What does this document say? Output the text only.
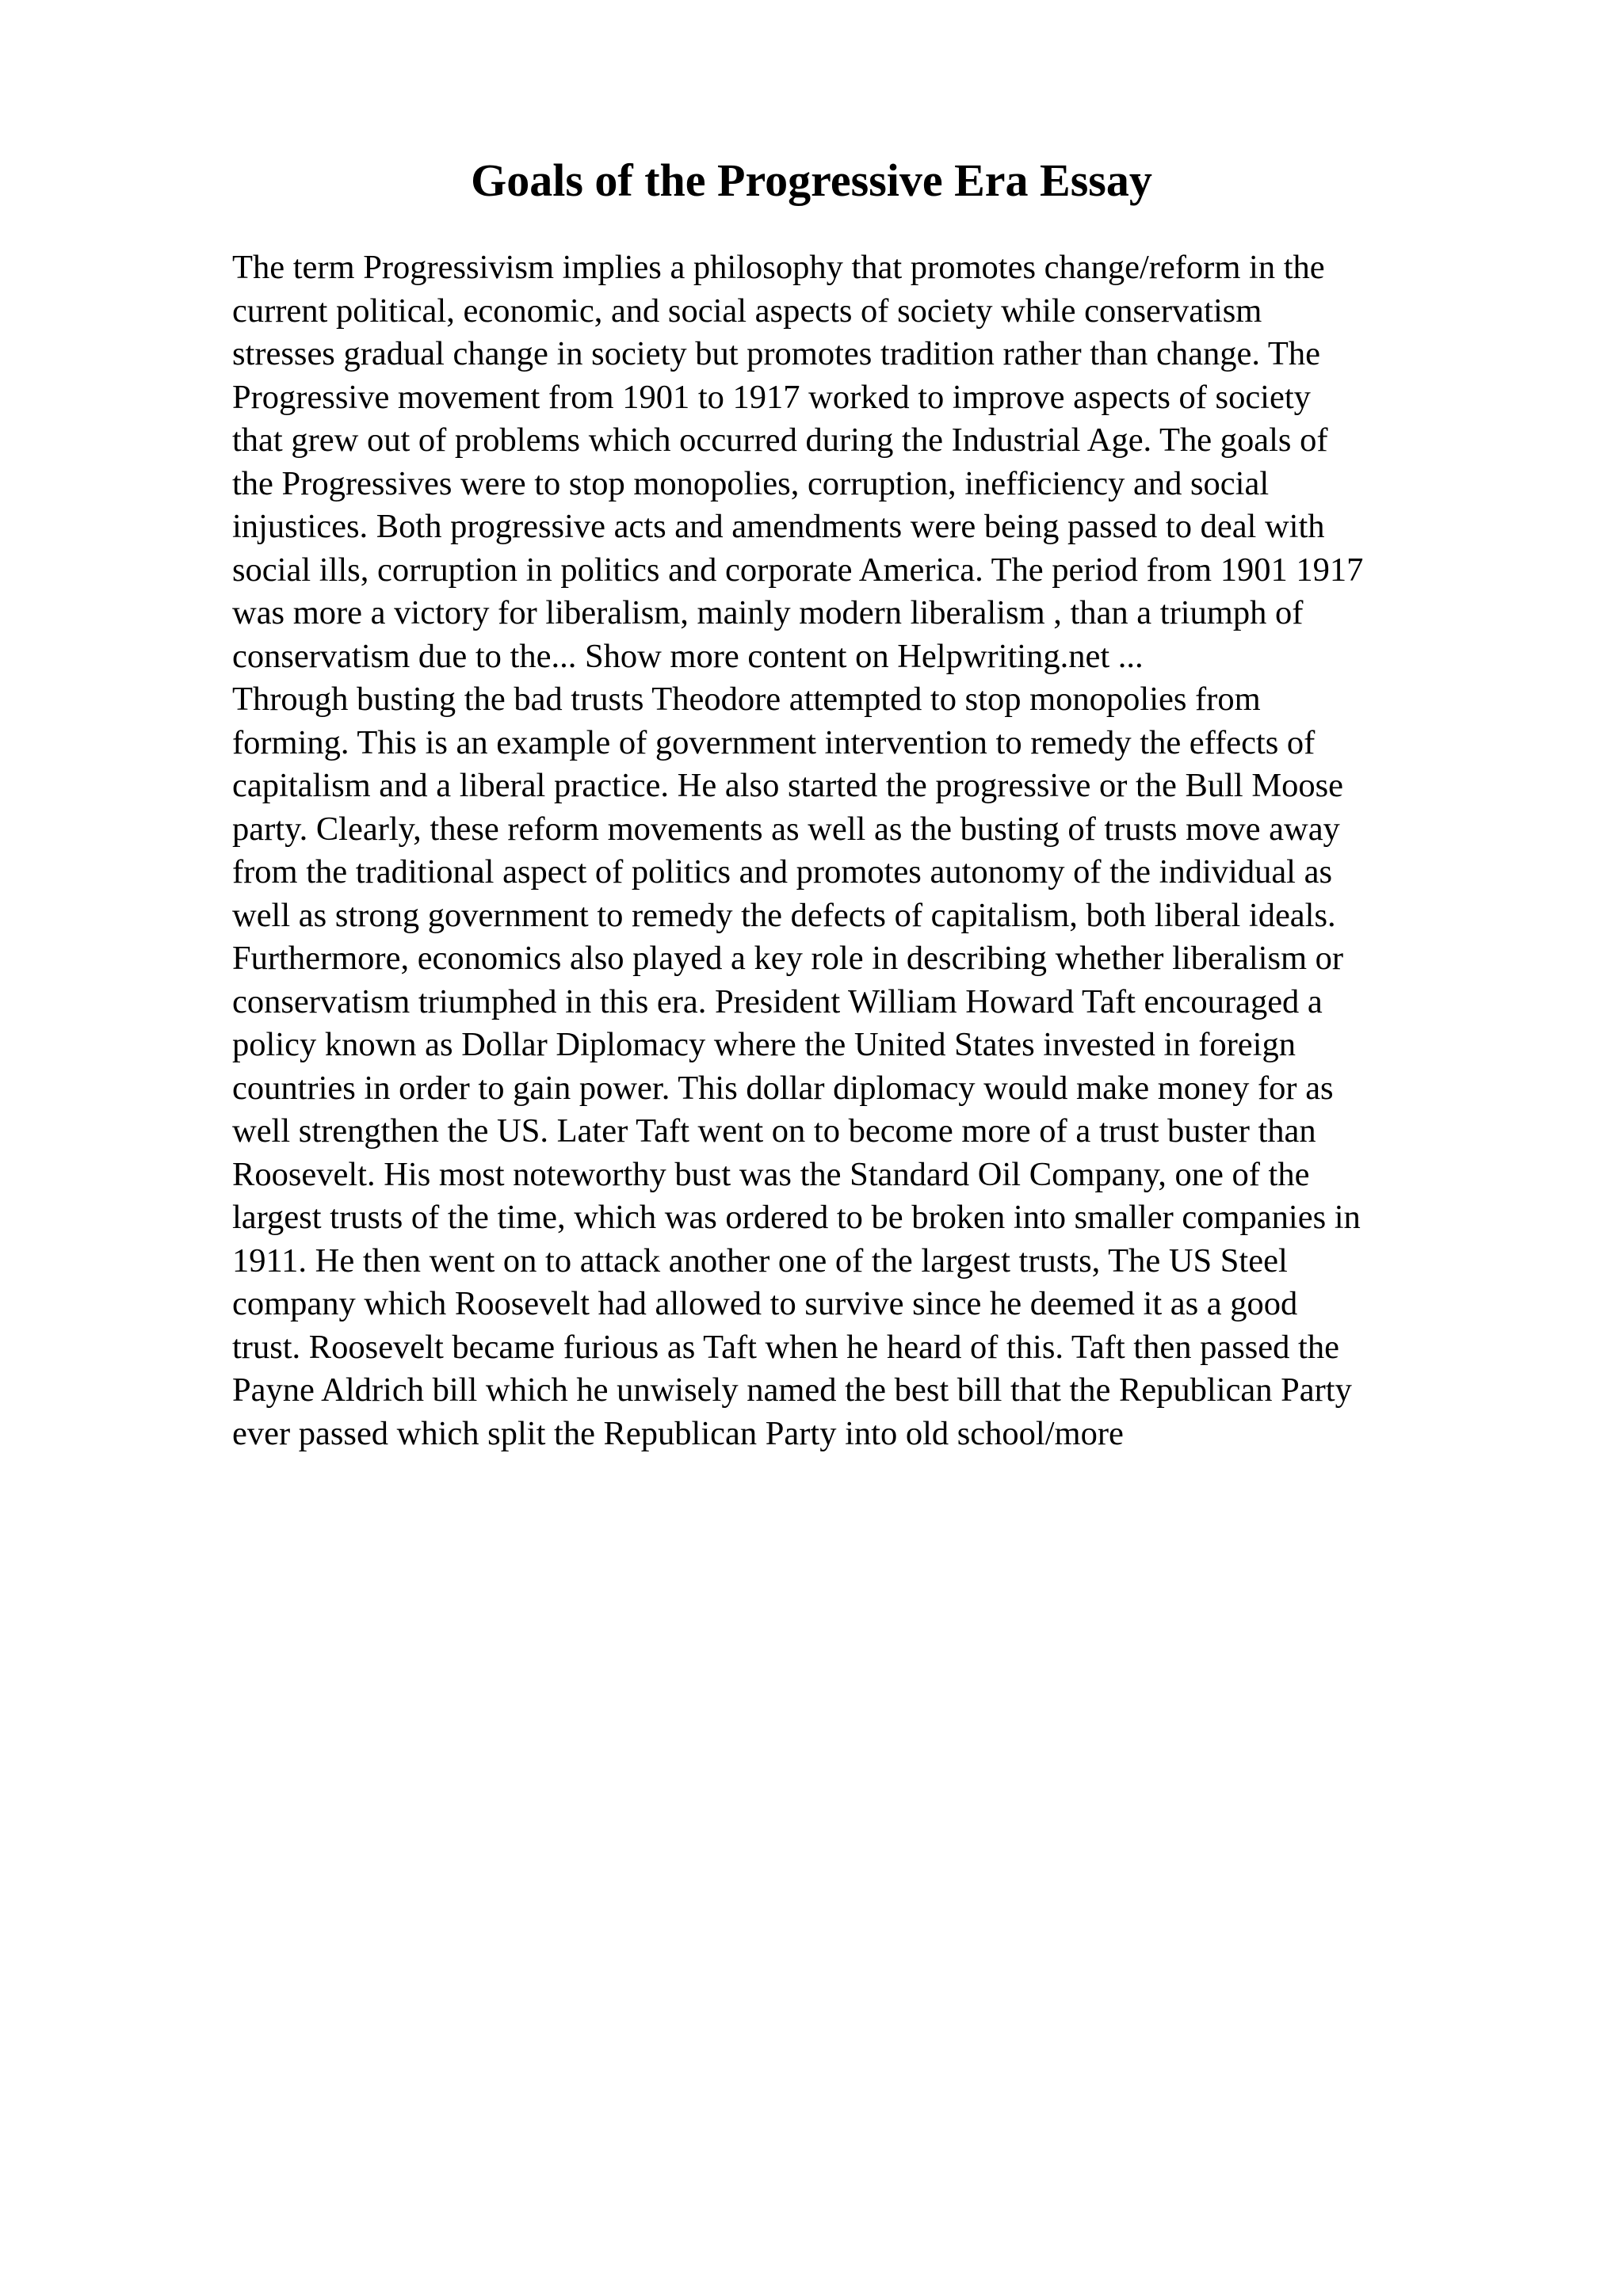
Goals of the Progressive Era Essay
The term Progressivism implies a philosophy that promotes change/reform in the
current political, economic, and social aspects of society while conservatism
stresses gradual change in society but promotes tradition rather than change. The
Progressive movement from 1901 to 1917 worked to improve aspects of society
that grew out of problems which occurred during the Industrial Age. The goals of
the Progressives were to stop monopolies, corruption, inefficiency and social
injustices. Both progressive acts and amendments were being passed to deal with
social ills, corruption in politics and corporate America. The period from 1901 1917
was more a victory for liberalism, mainly modern liberalism , than a triumph of
conservatism due to the... Show more content on Helpwriting.net ...
Through busting the bad trusts Theodore attempted to stop monopolies from
forming. This is an example of government intervention to remedy the effects of
capitalism and a liberal practice. He also started the progressive or the Bull Moose
party. Clearly, these reform movements as well as the busting of trusts move away
from the traditional aspect of politics and promotes autonomy of the individual as
well as strong government to remedy the defects of capitalism, both liberal ideals.
Furthermore, economics also played a key role in describing whether liberalism or
conservatism triumphed in this era. President William Howard Taft encouraged a
policy known as Dollar Diplomacy where the United States invested in foreign
countries in order to gain power. This dollar diplomacy would make money for as
well strengthen the US. Later Taft went on to become more of a trust buster than
Roosevelt. His most noteworthy bust was the Standard Oil Company, one of the
largest trusts of the time, which was ordered to be broken into smaller companies in
1911. He then went on to attack another one of the largest trusts, The US Steel
company which Roosevelt had allowed to survive since he deemed it as a good
trust. Roosevelt became furious as Taft when he heard of this. Taft then passed the
Payne Aldrich bill which he unwisely named the best bill that the Republican Party
ever passed which split the Republican Party into old school/more
